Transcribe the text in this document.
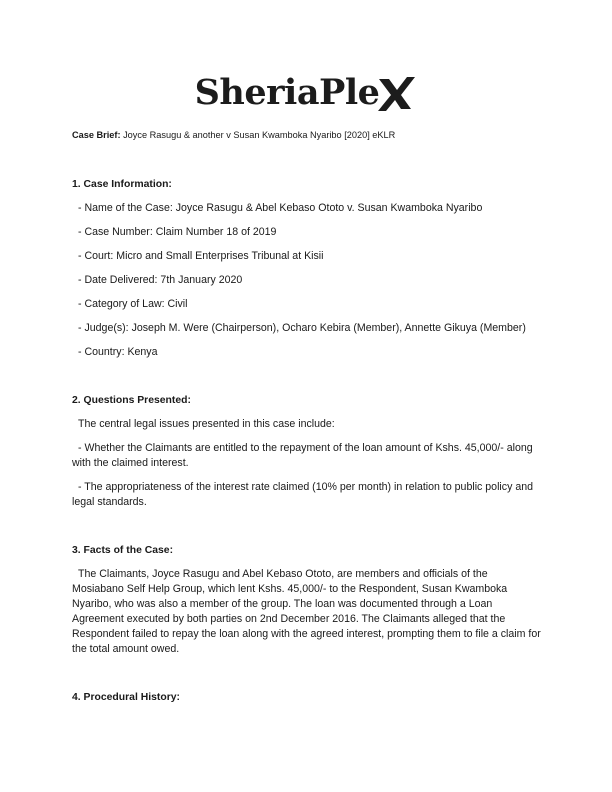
SheriaPle
Case Brief: Joyce Rasugu & another v Susan Kwamboka Nyaribo [2020] eKLR
1. Case Information:

- Name of the Case: Joyce Rasugu & Abel Kebaso Ototo v. Susan Kwamboka Nyaribo

- Case Number: Claim Number 18 of 2019

- Court: Micro and Small Enterprises Tribunal at Kisii

- Date Delivered: 7th January 2020

- Category of Law: Civil

- Judge(s): Joseph M. Were (Chairperson), Ocharo Kebira (Member), Annette Gikuya (Member)

- Country: Kenya

2. Questions Presented:

The central legal issues presented in this case include:

- Whether the Claimants are entitled to the repayment of the loan amount of Kshs. 45,000/- along with the claimed interest.

- The appropriateness of the interest rate claimed (10% per month) in relation to public policy and legal standards.

3. Facts of the Case:

The Claimants, Joyce Rasugu and Abel Kebaso Ototo, are members and officials of the Mosiabano Self Help Group, which lent Kshs. 45,000/- to the Respondent, Susan Kwamboka Nyaribo, who was also a member of the group. The loan was documented through a Loan Agreement executed by both parties on 2nd December 2016. The Claimants alleged that the Respondent failed to repay the loan along with the agreed interest, prompting them to file a claim for the total amount owed.

4. Procedural History:
